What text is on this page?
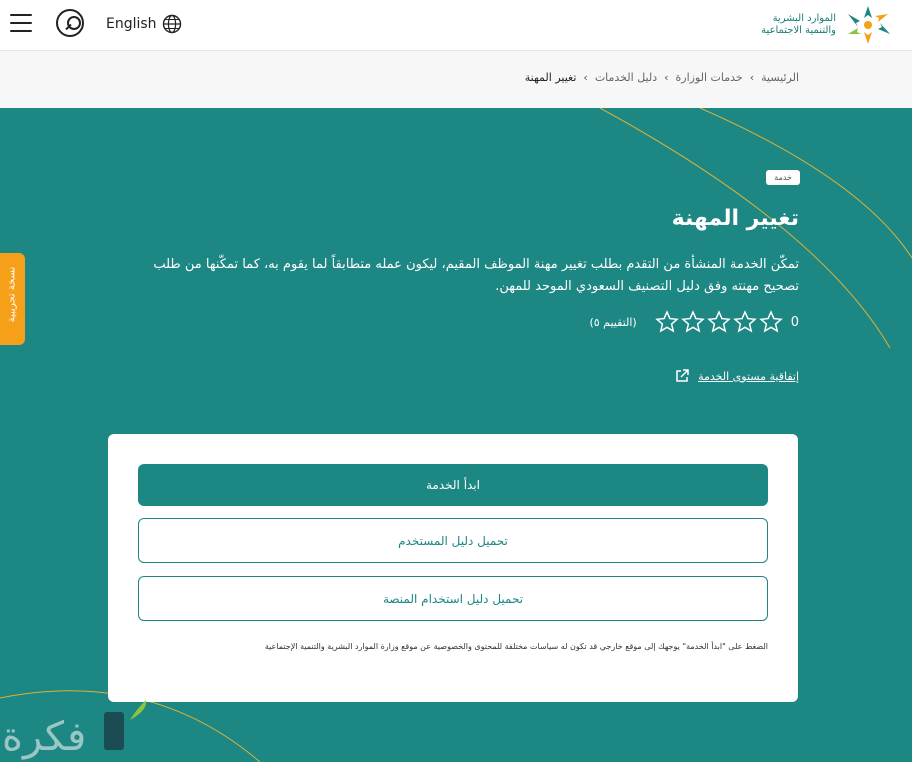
English	الموارد البشرية
والتنمية الاجتماعية
الرئيسية
‹
خدمات الوزارة
‹
دليل الخدمات
‹
تغيير المهنة
خدمة
تغيير المهنة

تمكّن الخدمة المنشأة من التقدم بطلب تغيير مهنة الموظف المقيم، ليكون عمله متطابقاً لما يقوم به، كما تمكّنها من طلب تصحيح مهنته وفق دليل التصنيف السعودي الموحد للمهن.

0
(التقييم ٥)
إتفاقية مستوى الخدمة
نسخة تجريبية
ابدأ الخدمة
تحميل دليل المستخدم
تحميل دليل استخدام المنصة
الضغط على "ابدأ الخدمة" يوجهك إلى موقع خارجي قد تكون له سياسات مختلفة للمحتوى والخصوصية عن موقع وزارة الموارد البشرية والتنمية الإجتماعية
فكرة
